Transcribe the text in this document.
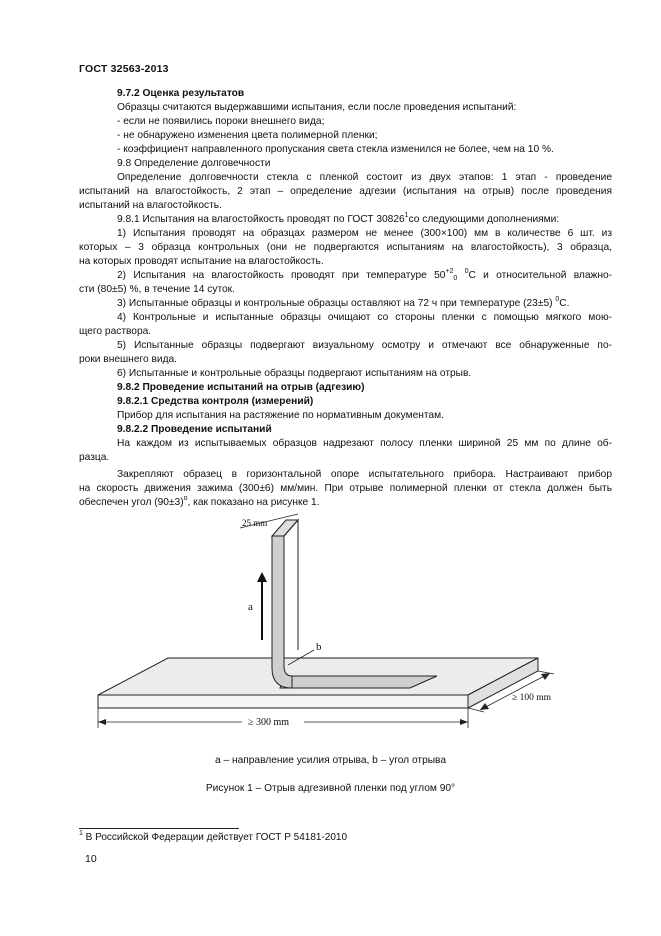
ГОСТ 32563-2013
9.7.2 Оценка результатов
Образцы считаются выдержавшими испытания, если после проведения испытаний:
- если не появились пороки внешнего вида;
- не обнаружено изменения цвета полимерной пленки;
- коэффициент направленного пропускания света стекла изменился не более, чем на 10 %.
9.8 Определение долговечности
Определение долговечности стекла с пленкой состоит из двух этапов: 1 этап - проведение
испытаний на влагостойкость, 2 этап – определение адгезии (испытания на отрыв) после проведения
испытаний на влагостойкость.
9.8.1 Испытания на влагостойкость проводят по ГОСТ 30826$^1$со следующими дополнениями:
1) Испытания проводят на образцах размером не менее (300×100) мм в количестве 6 шт. из
которых – 3 образца контрольных (они не подвергаются испытаниям на влагостойкость), 3 образца,
на которых проводят испытание на влагостойкость.
2) Испытания на влагостойкость проводят при температуре $50^{+2}_0$ $^0$С и относительной влажно-
сти (80±5) %, в течение 14 суток.
3) Испытанные образцы и контрольные образцы оставляют на 72 ч при температуре (23±5) $^0$С.
4) Контрольные и испытанные образцы очищают со стороны пленки с помощью мягкого мою-
щего раствора.
5) Испытанные образцы подвергают визуальному осмотру и отмечают все обнаруженные по-
роки внешнего вида.
6) Испытанные и контрольные образцы подвергают испытаниям на отрыв.
9.8.2 Проведение испытаний на отрыв (адгезию)
9.8.2.1 Средства контроля (измерений)
Прибор для испытания на растяжение по нормативным документам.
9.8.2.2 Проведение испытаний
На каждом из испытываемых образцов надрезают полосу пленки шириной 25 мм по длине об-
разца.
Закрепляют образец в горизонтальной опоре испытательного прибора. Настраивают прибор
на скорость движения зажима (300±6) мм/мин. При отрыве полимерной пленки от стекла должен быть
обеспечен угол $(90\pm 3)^о$, как показано на рисунке 1.
25 mm
a
b
≥ 300 mm
≥ 100 mm
a – направление усилия отрыва, b – угол отрыва
Рисунок 1 – Отрыв адгезивной пленки под углом 90°
$^1$ В Российской Федерации действует ГОСТ Р 54181-2010
10
